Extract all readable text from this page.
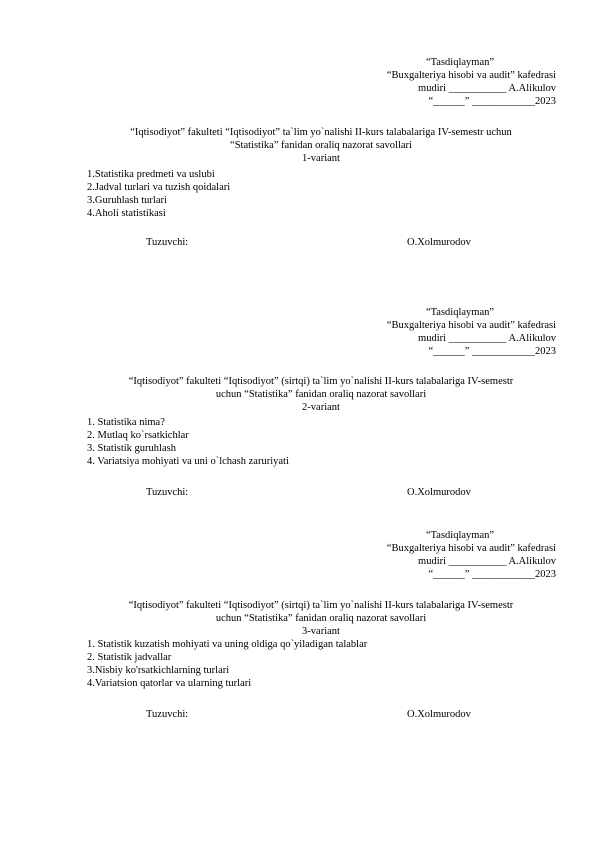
“Tasdiqlayman”
“Buxgalteriya hisobi va audit” kafedrasi
mudiri ___________ A.Alikulov
“______” ____________2023
“Iqtisodiyot” fakulteti “Iqtisodiyot” ta`lim yo`nalishi II-kurs talabalariga IV-semestr uchun
“Statistika” fanidan oraliq nazorat savollari
1-variant
1.Statistika predmeti va uslubi
2.Jadval turlari va tuzish qoidalari
3.Guruhlash turlari
4.Aholi statistikasi
Tuzuvchi:	O.Xolmurodov
“Tasdiqlayman”
“Buxgalteriya hisobi va audit” kafedrasi
mudiri ___________ A.Alikulov
“______” ____________2023
“Iqtisodiyot” fakulteti “Iqtisodiyot” (sirtqi) ta`lim yo`nalishi II-kurs talabalariga IV-semestr
uchun “Statistika” fanidan oraliq nazorat savollari
2-variant
1. Statistika nima?
2. Mutlaq ko`rsatkichlar
3. Statistik guruhlash
4. Variatsiya mohiyati va uni o`lchash zaruriyati
Tuzuvchi:	O.Xolmurodov
“Tasdiqlayman”
“Buxgalteriya hisobi va audit” kafedrasi
mudiri ___________ A.Alikulov
“______” ____________2023
“Iqtisodiyot” fakulteti “Iqtisodiyot” (sirtqi) ta`lim yo`nalishi II-kurs talabalariga IV-semestr
uchun “Statistika” fanidan oraliq nazorat savollari
3-variant
1. Statistik kuzatish mohiyati va uning oldiga qo`yiladigan talablar
2. Statistik jadvallar
3.Nisbiy ko'rsatkichlarning turlari
4.Variatsion qatorlar va ularning turlari
Tuzuvchi:	O.Xolmurodov
